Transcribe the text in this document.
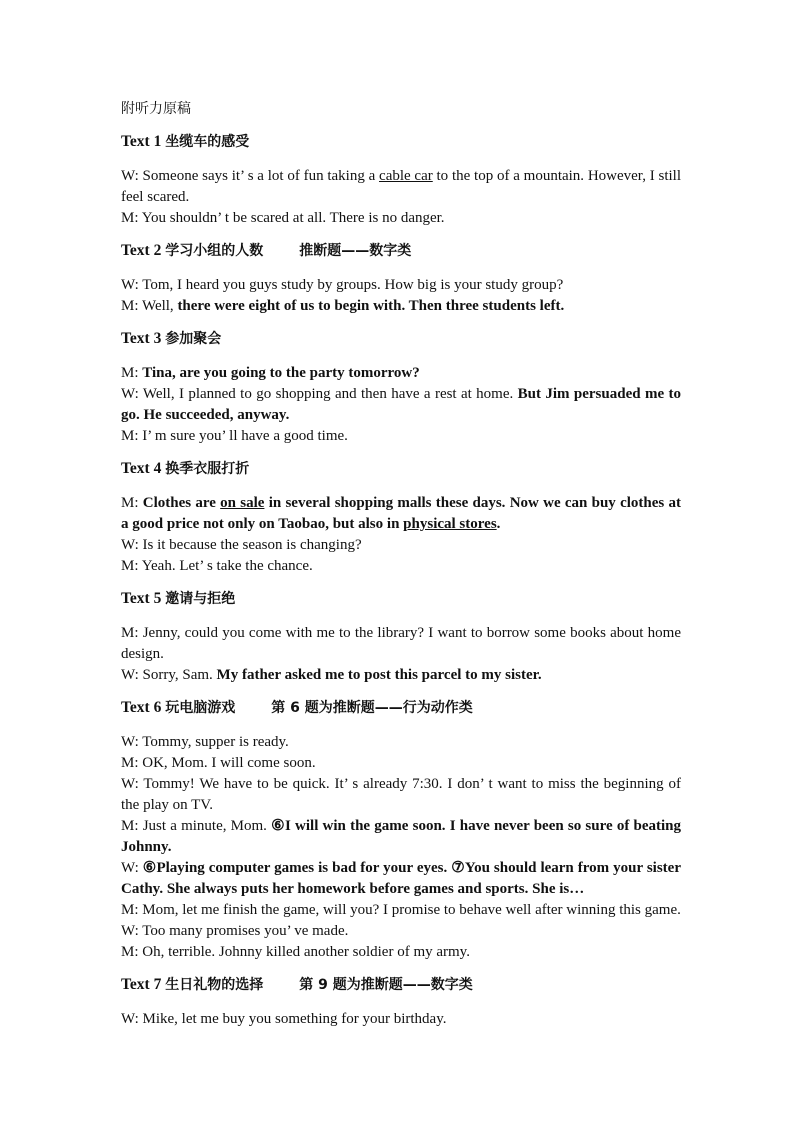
附听力原稿
Text 1 坐缆车的感受
W: Someone says it’ s a lot of fun taking a cable car to the top of a mountain. However, I still feel scared.
M: You shouldn’ t be scared at all. There is no danger.
Text 2 学习小组的人数	推断题——数字类
W: Tom, I heard you guys study by groups. How big is your study group?
M: Well, there were eight of us to begin with. Then three students left.
Text 3 参加聚会
M: Tina, are you going to the party tomorrow?
W: Well, I planned to go shopping and then have a rest at home. But Jim persuaded me to go. He succeeded, anyway.
M: I’ m sure you’ ll have a good time.
Text 4 换季衣服打折
M: Clothes are on sale in several shopping malls these days. Now we can buy clothes at a good price not only on Taobao, but also in physical stores.
W: Is it because the season is changing?
M: Yeah. Let’ s take the chance.
Text 5 邀请与拒绝
M: Jenny, could you come with me to the library? I want to borrow some books about home design.
W: Sorry, Sam. My father asked me to post this parcel to my sister.
Text 6 玩电脑游戏	第 6 题为推断题——行为动作类
W: Tommy, supper is ready.
M: OK, Mom. I will come soon.
W: Tommy! We have to be quick. It’ s already 7:30. I don’ t want to miss the beginning of the play on TV.
M: Just a minute, Mom. ⑥I will win the game soon. I have never been so sure of beating Johnny.
W: ⑥Playing computer games is bad for your eyes. ⑦You should learn from your sister Cathy. She always puts her homework before games and sports. She is…
M: Mom, let me finish the game, will you? I promise to behave well after winning this game.
W: Too many promises you’ ve made.
M: Oh, terrible. Johnny killed another soldier of my army.
Text 7 生日礼物的选择	第 9 题为推断题——数字类
W: Mike, let me buy you something for your birthday.
